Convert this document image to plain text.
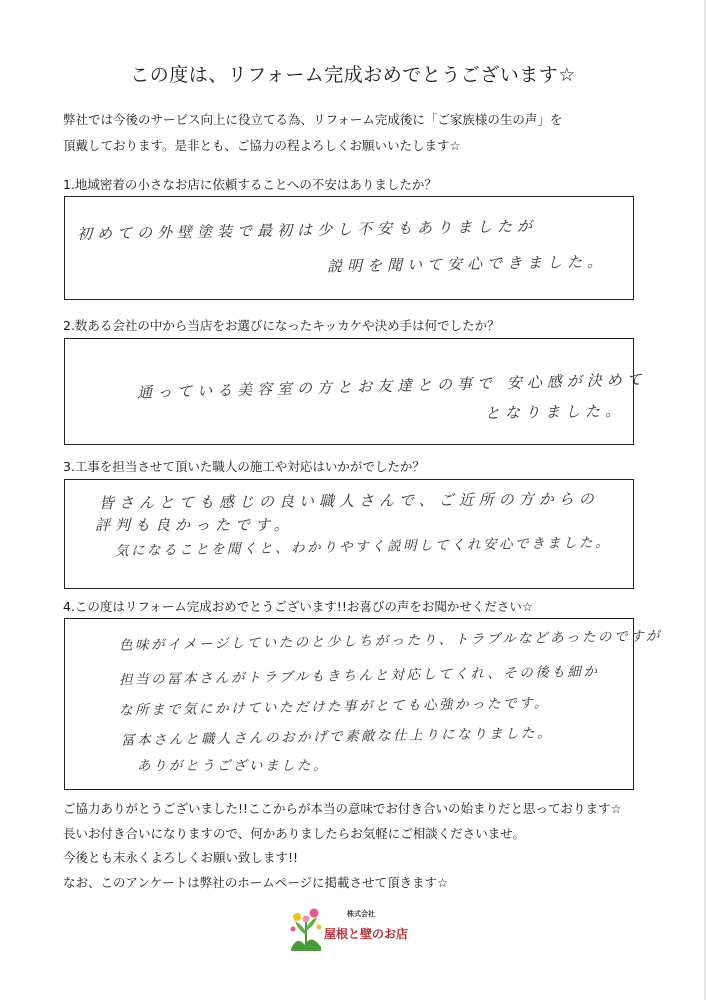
この度は、リフォーム完成おめでとうございます☆
弊社では今後のサービス向上に役立てる為、リフォーム完成後に「ご家族様の生の声」を
頂戴しております。是非とも、ご協力の程よろしくお願いいたします☆
1.地域密着の小さなお店に依頼することへの不安はありましたか？
初めての外壁塗装で最初は少し不安もありましたが
説明を聞いて安心できました。
2.数ある会社の中から当店をお選びになったキッカケや決め手は何でしたか？
通っている美容室の方とお友達との事で 安心感が決めて
となりました。
3.工事を担当させて頂いた職人の施工や対応はいかがでしたか？
皆さんとても感じの良い職人さんで、ご近所の方からの
評判も良かったです。
気になることを聞くと、わかりやすく説明してくれ安心できました。
4.この度はリフォーム完成おめでとうございます!!お喜びの声をお聞かせください☆
色味がイメージしていたのと少しちがったり、トラブルなどあったのですが
担当の冨本さんがトラブルもきちんと対応してくれ、その後も細か
な所まで気にかけていただけた事がとても心強かったです。
冨本さんと職人さんのおかげで素敵な仕上りになりました。
ありがとうございました。
ご協力ありがとうございました!!ここからが本当の意味でお付き合いの始まりだと思っております☆
長いお付き合いになりますので、何かありましたらお気軽にご相談くださいませ。
今後とも末永くよろしくお願い致します!!
なお、このアンケートは弊社のホームページに掲載させて頂きます☆
株式会社
屋根と壁のお店
